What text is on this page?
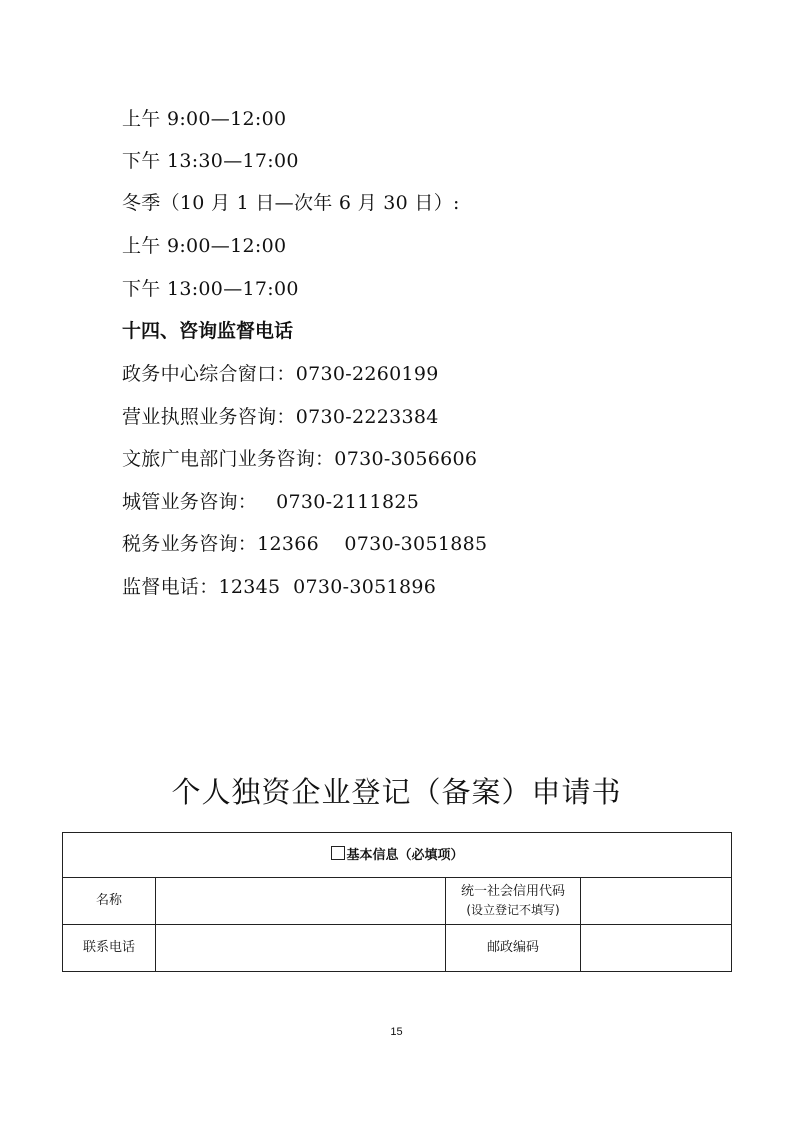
上午 9:00—12:00
下午 13:30—17:00
冬季（10 月 1 日—次年 6 月 30 日）:
上午 9:00—12:00
下午 13:00—17:00
十四、咨询监督电话
政务中心综合窗口：0730-2260199
营业执照业务咨询：0730-2223384
文旅广电部门业务咨询：0730-3056606
城管业务咨询：   0730-2111825
税务业务咨询：12366    0730-3051885
监督电话：12345  0730-3051896
个人独资企业登记（备案）申请书
基本信息（必填项）			
名称		统一社会信用代码
(设立登记不填写)	

联系电话		邮政编码	
15
